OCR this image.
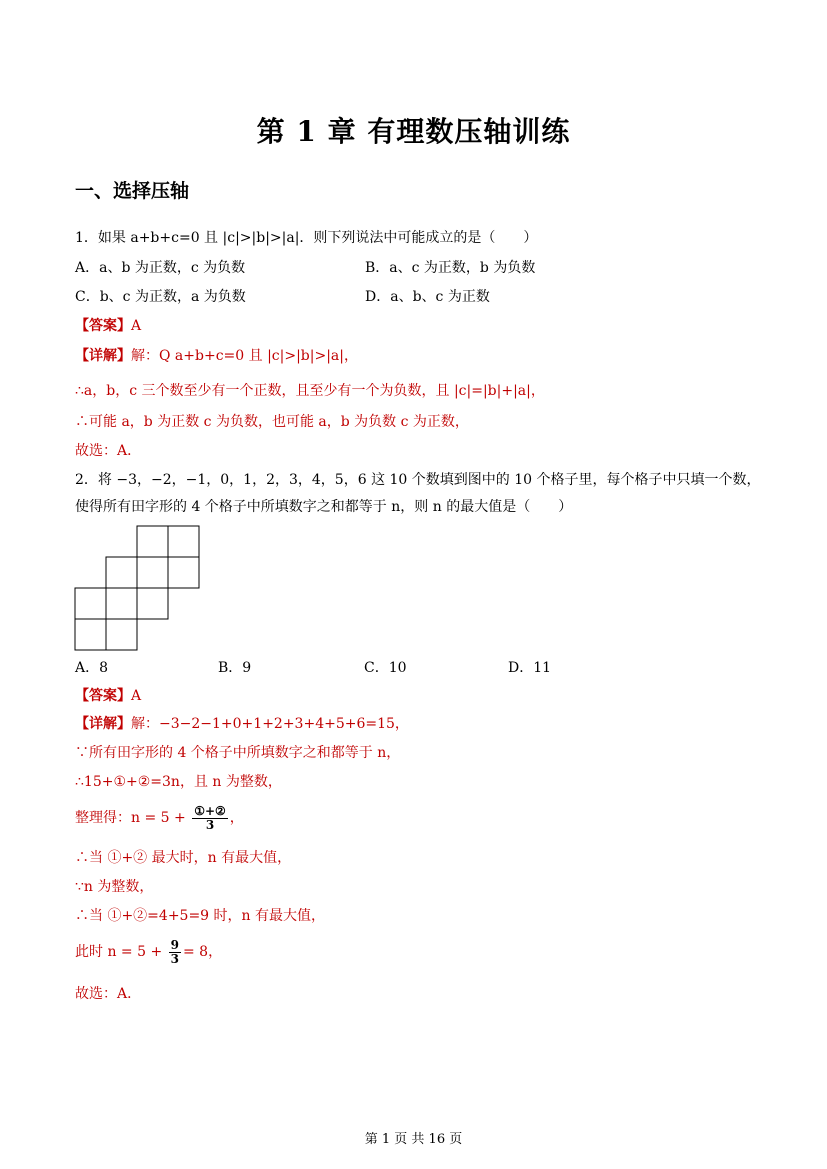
第 1 章 有理数压轴训练
一、选择压轴
1．如果 a+b+c=0 且 |c|>|b|>|a|．则下列说法中可能成立的是（　　）
A．a、b 为正数，c 为负数	B．a、c 为正数，b 为负数
C．b、c 为正数，a 为负数	D．a、b、c 为正数
【答案】A
【详解】解：Q a+b+c=0 且 |c|>|b|>|a|，
∴a，b，c 三个数至少有一个正数，且至少有一个为负数，且 |c|=|b|+|a|，
∴可能 a，b 为正数 c 为负数，也可能 a，b 为负数 c 为正数，
故选：A．
2．将 −3，−2，−1，0，1，2，3，4，5，6 这 10 个数填到图中的 10 个格子里，每个格子中只填一个数，
使得所有田字形的 4 个格子中所填数字之和都等于 n，则 n 的最大值是（　　）
A．8	B．9	C．10	D．11
【答案】A
【详解】解：−3−2−1+0+1+2+3+4+5+6=15，
∵所有田字形的 4 个格子中所填数字之和都等于 n，
∴15+①+②=3n，且 n 为整数，
整理得：$n = 5 + \frac{\text{①+②}}{3}$ ，
∴当 ①+② 最大时，n 有最大值，
∵n 为整数，
∴当 ①+②=4+5=9 时，n 有最大值，
此时 $n = 5 + \frac{9}{3} = 8$，
故选：A．
第 1 页 共 16 页
